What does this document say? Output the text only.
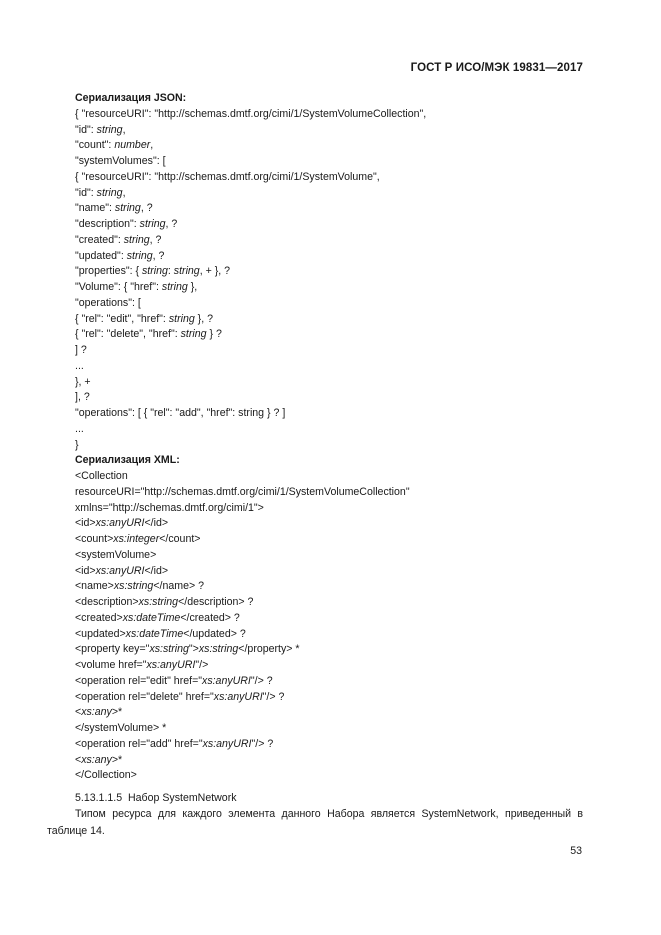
ГОСТ Р ИСО/МЭК 19831—2017
Сериализация JSON:
{ "resourceURI": "http://schemas.dmtf.org/cimi/1/SystemVolumeCollection",
"id": string,
"count": number,
"systemVolumes": [
{ "resourceURI": "http://schemas.dmtf.org/cimi/1/SystemVolume",
"id": string,
"name": string, ?
"description": string, ?
"created": string, ?
"updated": string, ?
"properties": { string: string, + }, ?
"Volume": { "href": string },
"operations": [
{ "rel": "edit", "href": string }, ?
{ "rel": "delete", "href": string } ?
] ?
...
}, +
], ?
"operations": [ { "rel": "add", "href": string } ? ]
...
}
Сериализация XML:
<Collection
resourceURI="http://schemas.dmtf.org/cimi/1/SystemVolumeCollection"
xmlns="http://schemas.dmtf.org/cimi/1">
<id>xs:anyURI</id>
<count>xs:integer</count>
<systemVolume>
<id>xs:anyURI</id>
<name>xs:string</name> ?
<description>xs:string</description> ?
<created>xs:dateTime</created> ?
<updated>xs:dateTime</updated> ?
<property key="xs:string">xs:string</property> *
<volume href="xs:anyURI"/>
<operation rel="edit" href="xs:anyURI"/> ?
<operation rel="delete" href="xs:anyURI"/> ?
<xs:any>*
</systemVolume> *
<operation rel="add" href="xs:anyURI"/> ?
<xs:any>*
</Collection>
5.13.1.1.5 Набор SystemNetwork
Типом ресурса для каждого элемента данного Набора является SystemNetwork, приведенный в таблице 14.
53
